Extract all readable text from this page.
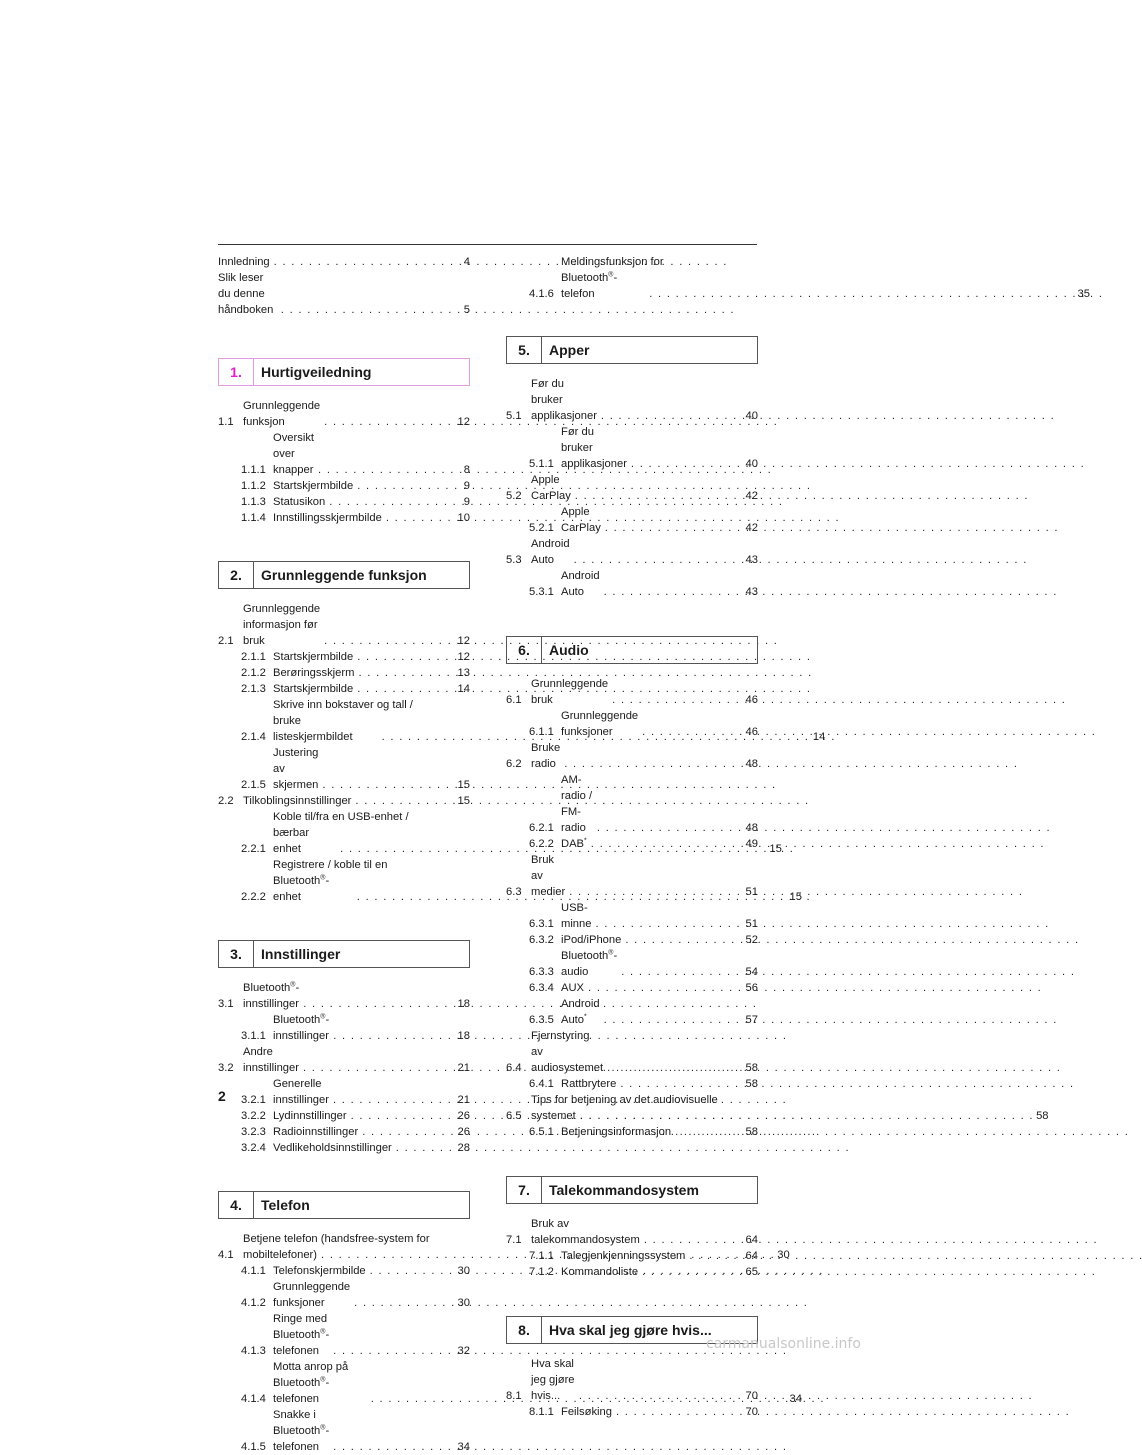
Innledning . . .	4
Slik leser du denne håndboken . . .	5
1.	Hurtigveiledning
1.1
Grunnleggende funksjon . . .	12
1.1.1
Oversikt over knapper . . .	8
1.1.2 Startskjermbilde . . .	9
1.1.3 Statusikon . . .	9
1.1.4 Innstillingsskjermbilde . . .	10
2.	Grunnleggende funksjon
2.1
Grunnleggende informasjon før bruk . . .	12
2.1.1 Startskjermbilde . . .	12
2.1.2 Berøringsskjerm . . .	13
2.1.3 Startskjermbilde . . .	14
2.1.4
Skrive inn bokstaver og tall /
bruke listeskjermbildet . . .	14
2.1.5
Justering av skjermen . . .	15
2.2 Tilkoblingsinnstillinger . . .	15
2.2.1
Koble til/fra en USB-enhet /
bærbar enhet . . .	15
2.2.2
Registrere / koble til en
Bluetooth®-enhet . . .	15
3.	Innstillinger
3.1
Bluetooth®-innstillinger . . .	18
3.1.1
Bluetooth®-innstillinger . . .	18
3.2
Andre innstillinger . . .	21
3.2.1
Generelle innstillinger . . .	21
3.2.2 Lydinnstillinger . . .	26
3.2.3 Radioinnstillinger . . .	26
3.2.4 Vedlikeholdsinnstillinger . . .	28
4.	Telefon
4.1
Betjene telefon (handsfree-system for
mobiltelefoner) . . .	30
4.1.1 Telefonskjermbilde . . .	30
4.1.2
Grunnleggende funksjoner . . .	30
4.1.3
Ringe med Bluetooth®-telefonen . . .	32
4.1.4
Motta anrop på
Bluetooth®-telefonen . . .	34
4.1.5
Snakke i Bluetooth®-telefonen . . .	34
4.1.6
Meldingsfunksjon for
Bluetooth®-telefon . . .	35
5.	Apper
5.1
Før du bruker applikasjoner . . .	40
5.1.1
Før du bruker applikasjoner . . .	40
5.2
Apple CarPlay . . .	42
5.2.1
Apple CarPlay . . .	42
5.3
Android Auto . . .	43
5.3.1
Android Auto . . .	43
6.	Audio
6.1
Grunnleggende bruk . . .	46
6.1.1
Grunnleggende funksjoner . . .	46
6.2
Bruke radio . . .	48
6.2.1
AM-radio / FM-radio . . .	48
6.2.2 DAB* . . .	49
6.3
Bruk av medier . . .	51
6.3.1
USB-minne . . .	51
6.3.2 iPod/iPhone . . .	52
6.3.3
Bluetooth®-audio . . .	54
6.3.4 AUX . . .	56
6.3.5
Android Auto* . . .	57
6.4
Fjernstyring av audiosystemet . . .	58
6.4.1 Rattbrytere . . .	58
6.5
Tips for betjening av det audiovisuelle
systemet . . .	58
6.5.1 Betjeningsinformasjon . . .	58
7.	Talekommandosystem
7.1
Bruk av talekommandosystem . . .	64
7.1.1 Talegjenkjenningssystem . . .	64
7.1.2 Kommandoliste . . .	65
8.	Hva skal jeg gjøre hvis...
8.1
Hva skal jeg gjøre hvis... . . .	70
8.1.1 Feilsøking . . .	70
2
carmanualsonline.info
